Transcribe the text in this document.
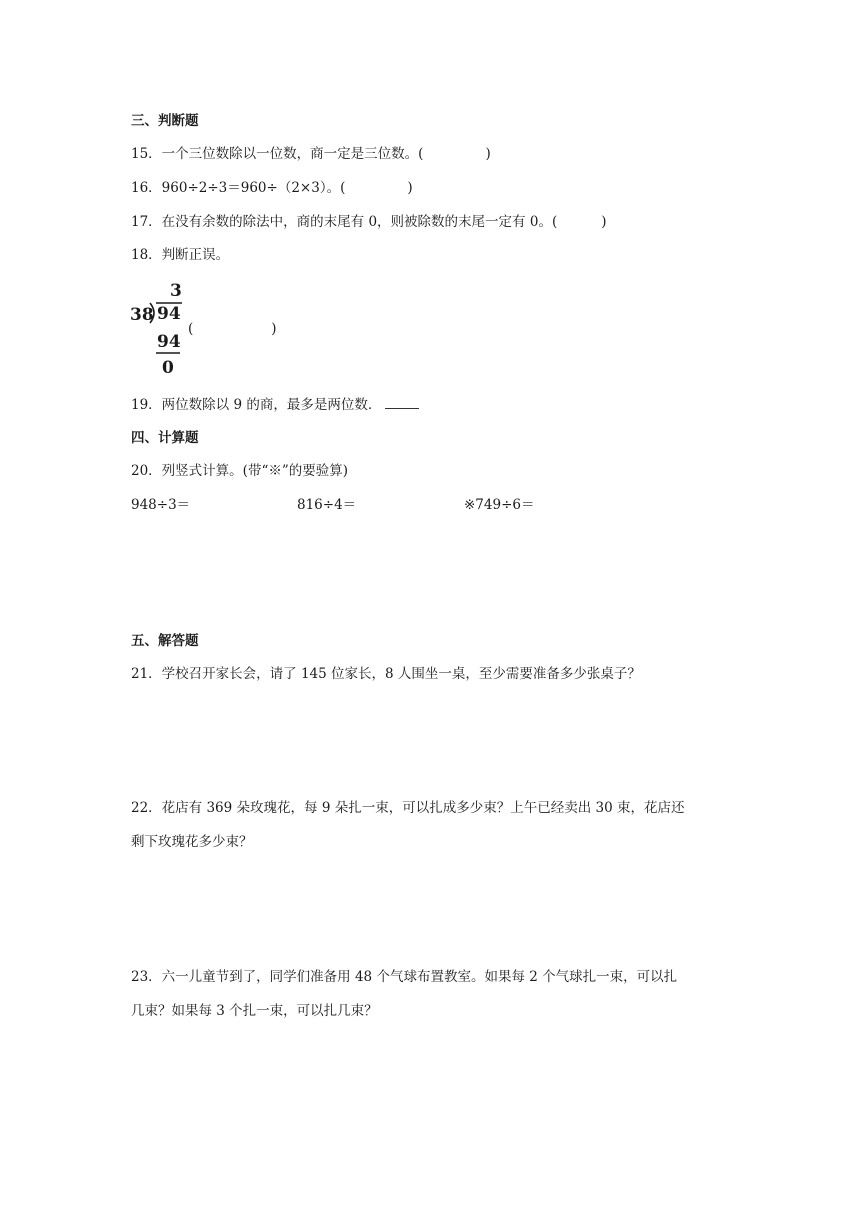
三、判断题
15．一个三位数除以一位数，商一定是三位数。(	)
16．960÷2÷3＝960÷（2×3）。(	)
17．在没有余数的除法中，商的末尾有 0，则被除数的末尾一定有 0。(	)
18．判断正误。
3
38 94
94
0
(	)
19．两位数除以 9 的商，最多是两位数．
四、计算题
20．列竖式计算。(带“※”的要验算)
948÷3＝	816÷4＝	※749÷6＝
五、解答题
21．学校召开家长会，请了 145 位家长，8 人围坐一桌，至少需要准备多少张桌子？
22．花店有 369 朵玫瑰花，每 9 朵扎一束，可以扎成多少束？上午已经卖出 30 束，花店还
剩下玫瑰花多少束？
23．六一儿童节到了，同学们准备用 48 个气球布置教室。如果每 2 个气球扎一束，可以扎
几束？如果每 3 个扎一束，可以扎几束？
